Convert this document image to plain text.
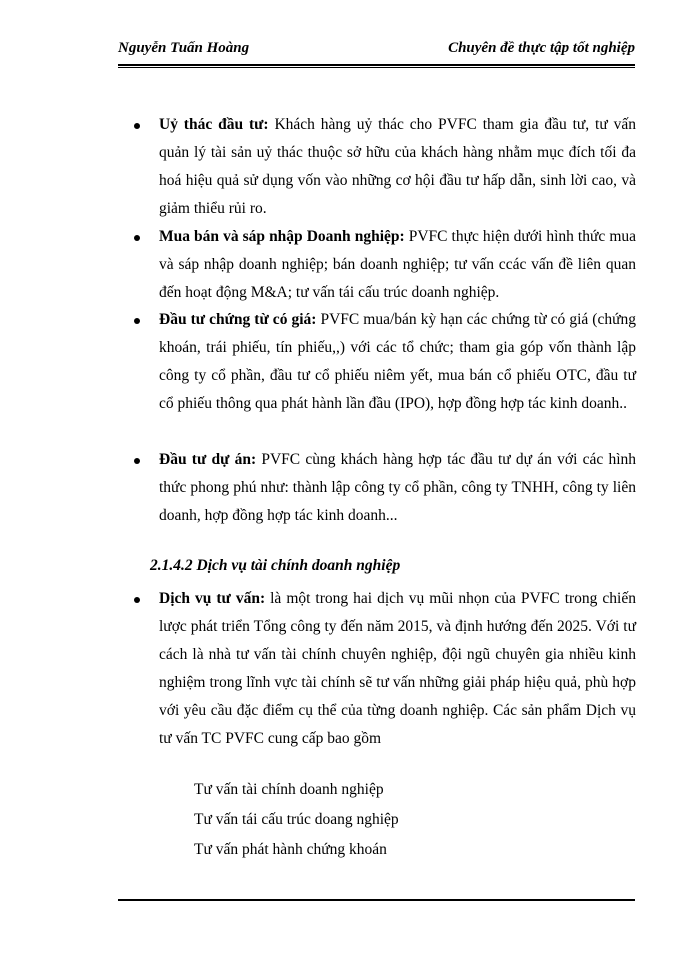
Nguyễn Tuấn Hoàng	Chuyên đề thực tập tốt nghiệp
Uỷ thác đầu tư: Khách hàng uỷ thác cho PVFC tham gia đầu tư, tư vấn quản lý tài sản uỷ thác thuộc sở hữu của khách hàng nhằm mục đích tối đa hoá hiệu quả sử dụng vốn vào những cơ hội đầu tư hấp dẫn, sinh lời cao, và giảm thiểu rủi ro.
Mua bán và sáp nhập Doanh nghiệp: PVFC thực hiện dưới hình thức mua và sáp nhập doanh nghiệp; bán doanh nghiệp; tư vấn ccác vấn đề liên quan đến hoạt động M&A; tư vấn tái cấu trúc doanh nghiệp.
Đầu tư chứng từ có giá: PVFC mua/bán kỳ hạn các chứng từ có giá (chứng khoán, trái phiếu, tín phiếu,,) với các tổ chức; tham gia góp vốn thành lập công ty cổ phần, đầu tư cổ phiếu niêm yết, mua bán cổ phiếu OTC, đầu tư cổ phiếu thông qua phát hành lần đầu (IPO), hợp đồng hợp tác kinh doanh..
Đầu tư dự án: PVFC cùng khách hàng hợp tác đầu tư dự án với các hình thức phong phú như: thành lập công ty cổ phần, công ty TNHH, công ty liên doanh, hợp đồng hợp tác kinh doanh...
2.1.4.2 Dịch vụ tài chính doanh nghiệp
Dịch vụ tư vấn: là một trong hai dịch vụ mũi nhọn của PVFC trong chiến lược phát triển Tổng công ty đến năm 2015, và định hướng đến 2025. Với tư cách là nhà tư vấn tài chính chuyên nghiệp, đội ngũ chuyên gia nhiều kinh nghiệm trong lĩnh vực tài chính sẽ tư vấn những giải pháp hiệu quả, phù hợp với yêu cầu đặc điểm cụ thể của từng doanh nghiệp. Các sản phẩm Dịch vụ tư vấn TC PVFC cung cấp bao gồm
Tư vấn tài chính doanh nghiệp
Tư vấn tái cấu trúc doang nghiệp
Tư vấn phát hành chứng khoán
